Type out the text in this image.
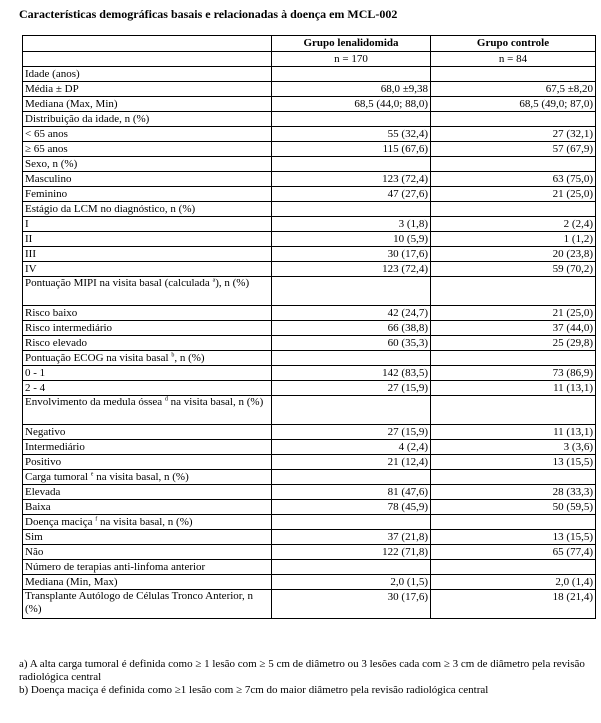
Características demográficas basais e relacionadas à doença em MCL-002
	Grupo lenalidomida	Grupo controle
	n = 170	n = 84
Idade (anos)		
Média ± DP	68,0 ±9,38	67,5 ±8,20
Mediana (Max, Min)	68,5 (44,0; 88,0)	68,5 (49,0; 87,0)
Distribuição da idade, n (%)		
< 65 anos	55 (32,4)	27 (32,1)
≥ 65 anos	115 (67,6)	57 (67,9)
Sexo, n (%)		
Masculino	123 (72,4)	63 (75,0)
Feminino	47 (27,6)	21 (25,0)
Estágio da LCM no diagnóstico, n (%)		
I	3 (1,8)	2 (2,4)
II	10 (5,9)	1 (1,2)
III	30 (17,6)	20 (23,8)
IV	123 (72,4)	59 (70,2)
Pontuação MIPI na visita basal (calculada $^a$), n (%)		
Risco baixo	42 (24,7)	21 (25,0)
Risco intermediário	66 (38,8)	37 (44,0)
Risco elevado	60 (35,3)	25 (29,8)
Pontuação ECOG na visita basal $^b$, n (%)		
0 - 1	142 (83,5)	73 (86,9)
2 - 4	27 (15,9)	11 (13,1)
Envolvimento da medula óssea $^d$ na visita basal, n (%)		
Negativo	27 (15,9)	11 (13,1)
Intermediário	4 (2,4)	3 (3,6)
Positivo	21 (12,4)	13 (15,5)
Carga tumoral $^e$ na visita basal, n (%)		
Elevada	81 (47,6)	28 (33,3)
Baixa	78 (45,9)	50 (59,5)
Doença maciça $^f$ na visita basal, n (%)		
Sim	37 (21,8)	13 (15,5)
Não	122 (71,8)	65 (77,4)
Número de terapias anti-linfoma anterior		
Mediana (Min, Max)	2,0 (1,5)	2,0 (1,4)
Transplante Autólogo de Células Tronco Anterior, n (%)	30 (17,6)	18 (21,4)
a) A alta carga tumoral é definida como ≥ 1 lesão com ≥ 5 cm de diâmetro ou 3 lesões cada com ≥ 3 cm de diâmetro pela revisão radiológica central
b) Doença maciça é definida como ≥1 lesão com ≥ 7cm do maior diâmetro pela revisão radiológica central
